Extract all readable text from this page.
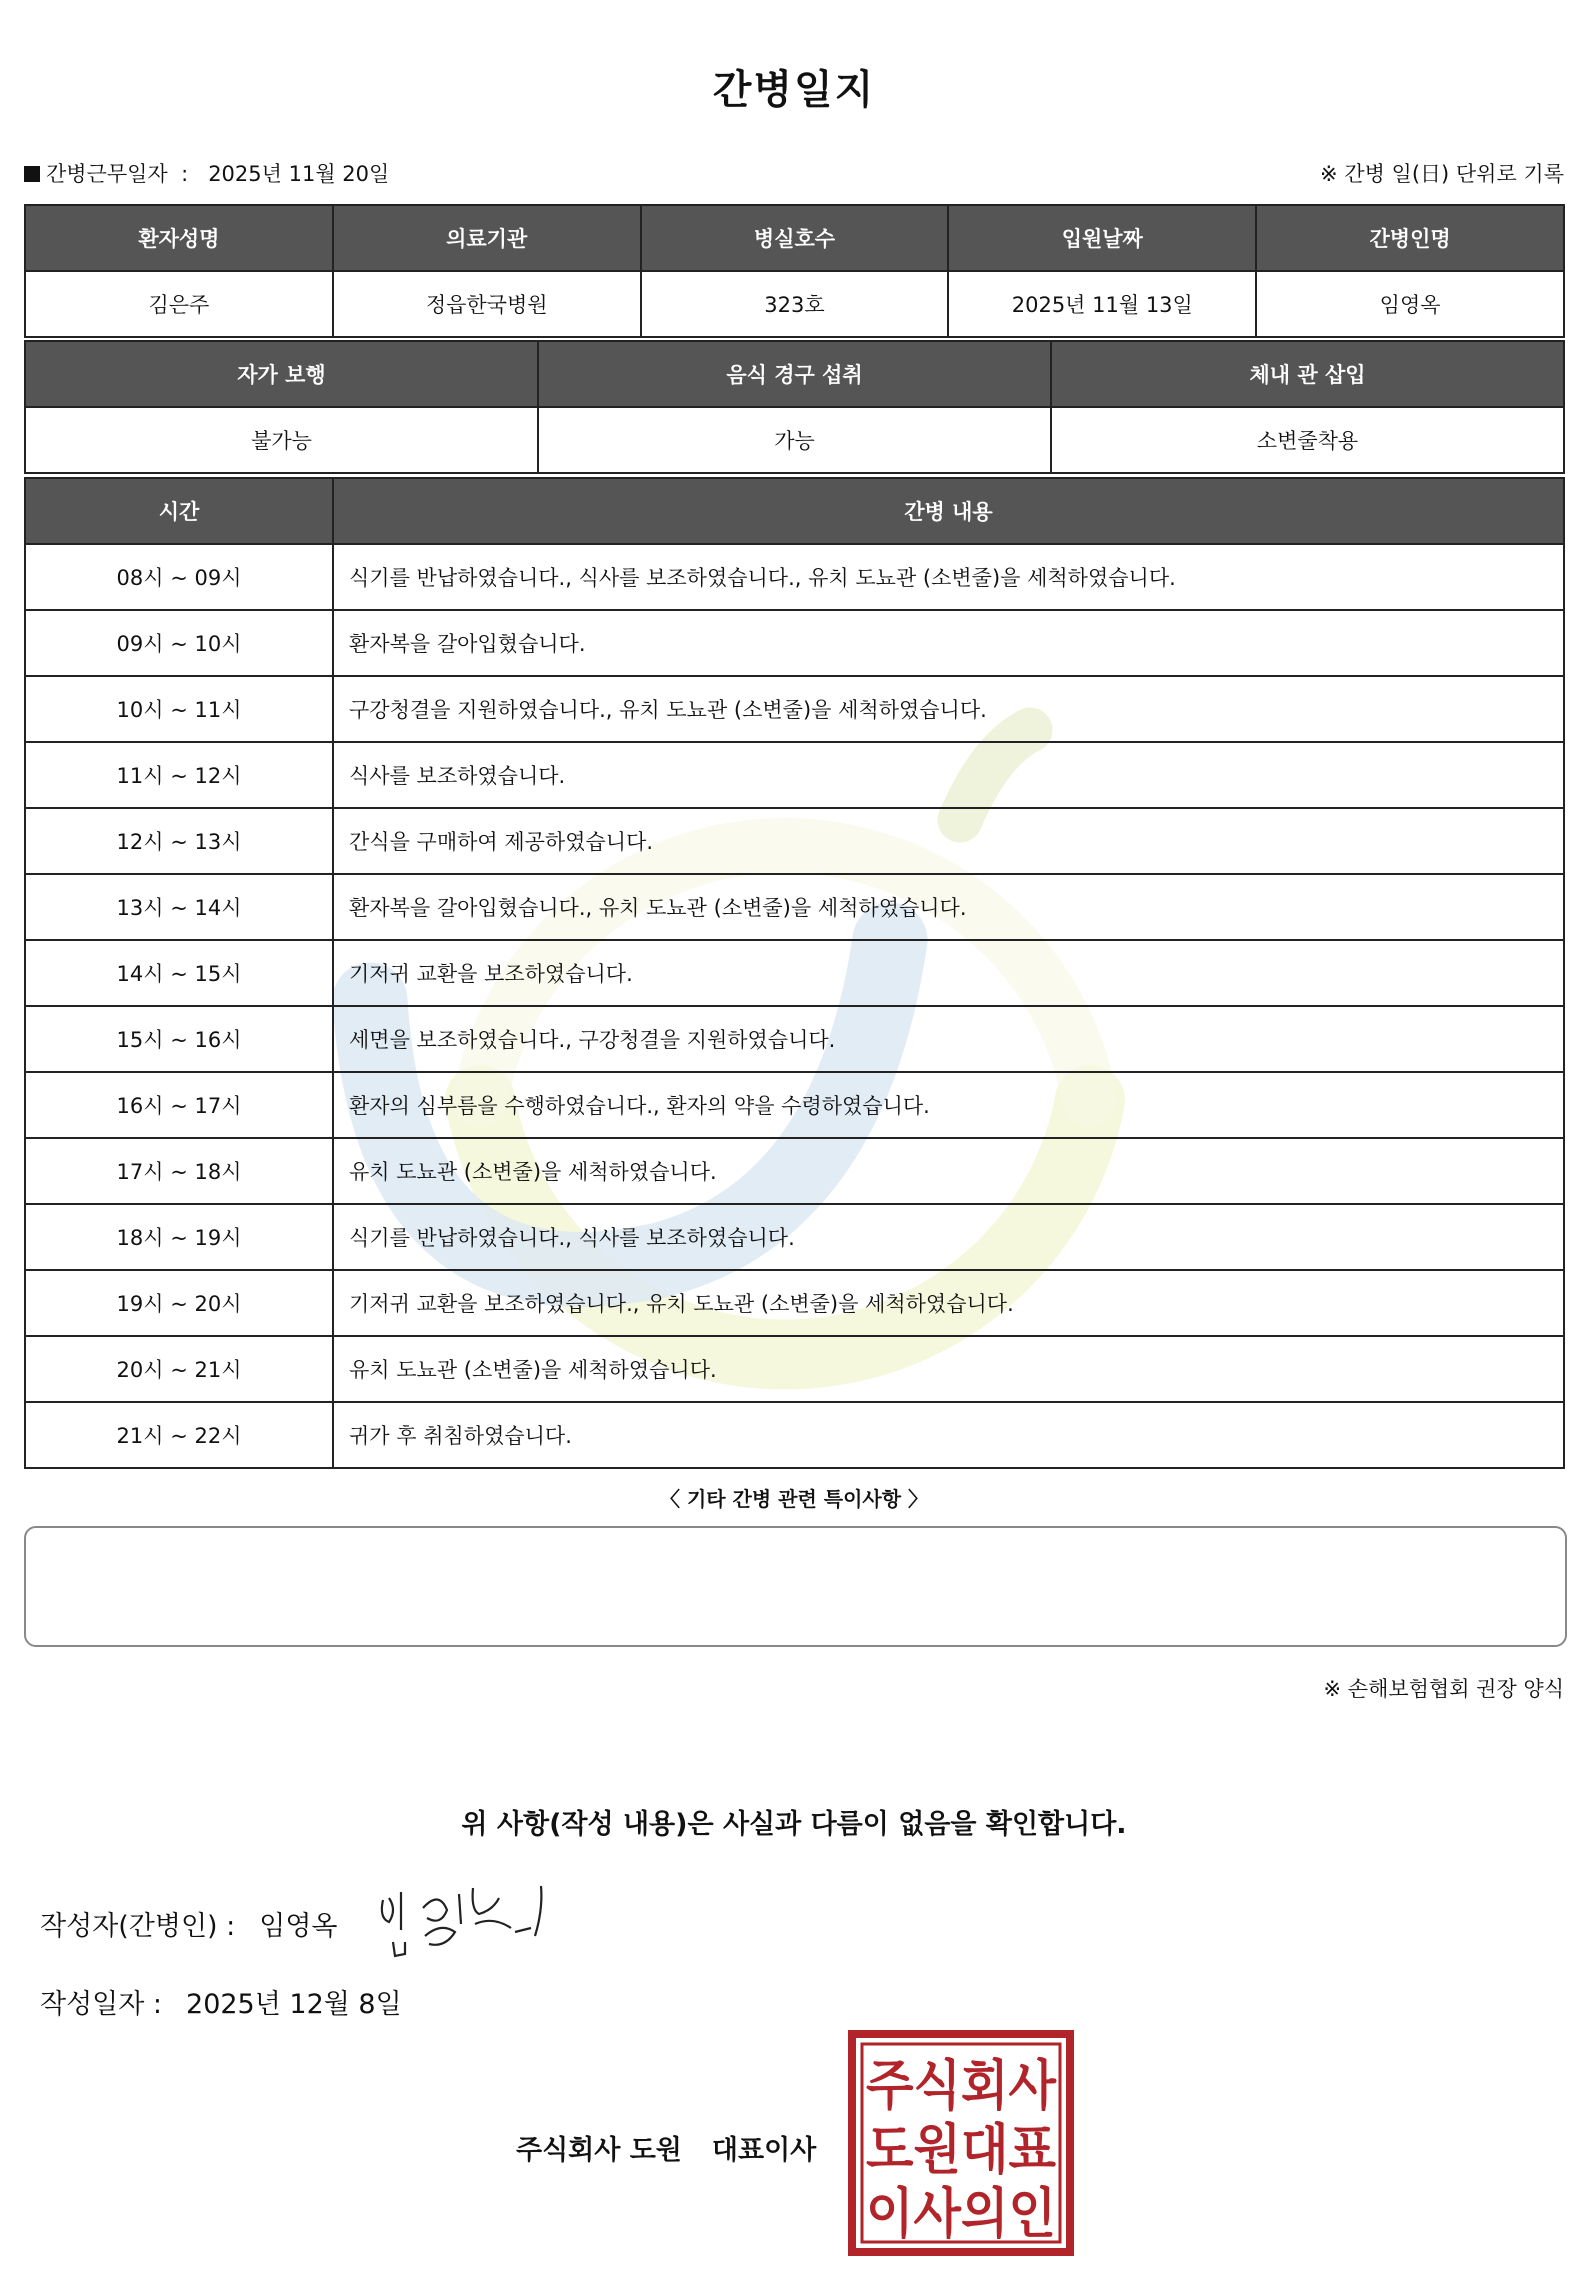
간병일지
간병근무일자 : 2025년 11월 20일	※ 간병 일(日) 단위로 기록
환자성명	의료기관	병실호수	입원날짜	간병인명
김은주	정읍한국병원	323호	2025년 11월 13일	임영옥
자가 보행	음식 경구 섭취	체내 관 삽입
불가능	가능	소변줄착용
시간	간병 내용
08시 ~ 09시	식기를 반납하였습니다., 식사를 보조하였습니다., 유치 도뇨관 (소변줄)을 세척하였습니다.
09시 ~ 10시	환자복을 갈아입혔습니다.
10시 ~ 11시	구강청결을 지원하였습니다., 유치 도뇨관 (소변줄)을 세척하였습니다.
11시 ~ 12시	식사를 보조하였습니다.
12시 ~ 13시	간식을 구매하여 제공하였습니다.
13시 ~ 14시	환자복을 갈아입혔습니다., 유치 도뇨관 (소변줄)을 세척하였습니다.
14시 ~ 15시	기저귀 교환을 보조하였습니다.
15시 ~ 16시	세면을 보조하였습니다., 구강청결을 지원하였습니다.
16시 ~ 17시	환자의 심부름을 수행하였습니다., 환자의 약을 수령하였습니다.
17시 ~ 18시	유치 도뇨관 (소변줄)을 세척하였습니다.
18시 ~ 19시	식기를 반납하였습니다., 식사를 보조하였습니다.
19시 ~ 20시	기저귀 교환을 보조하였습니다., 유치 도뇨관 (소변줄)을 세척하였습니다.
20시 ~ 21시	유치 도뇨관 (소변줄)을 세척하였습니다.
21시 ~ 22시	귀가 후 취침하였습니다.
〈 기타 간병 관련 특이사항 〉
※ 손해보험협회 권장 양식
위 사항(작성 내용)은 사실과 다름이 없음을 확인합니다.
작성자(간병인) : 임영옥
작성일자 : 2025년 12월 8일
주식회사 도원 대표이사
주식회사
도원대표
이사의인
